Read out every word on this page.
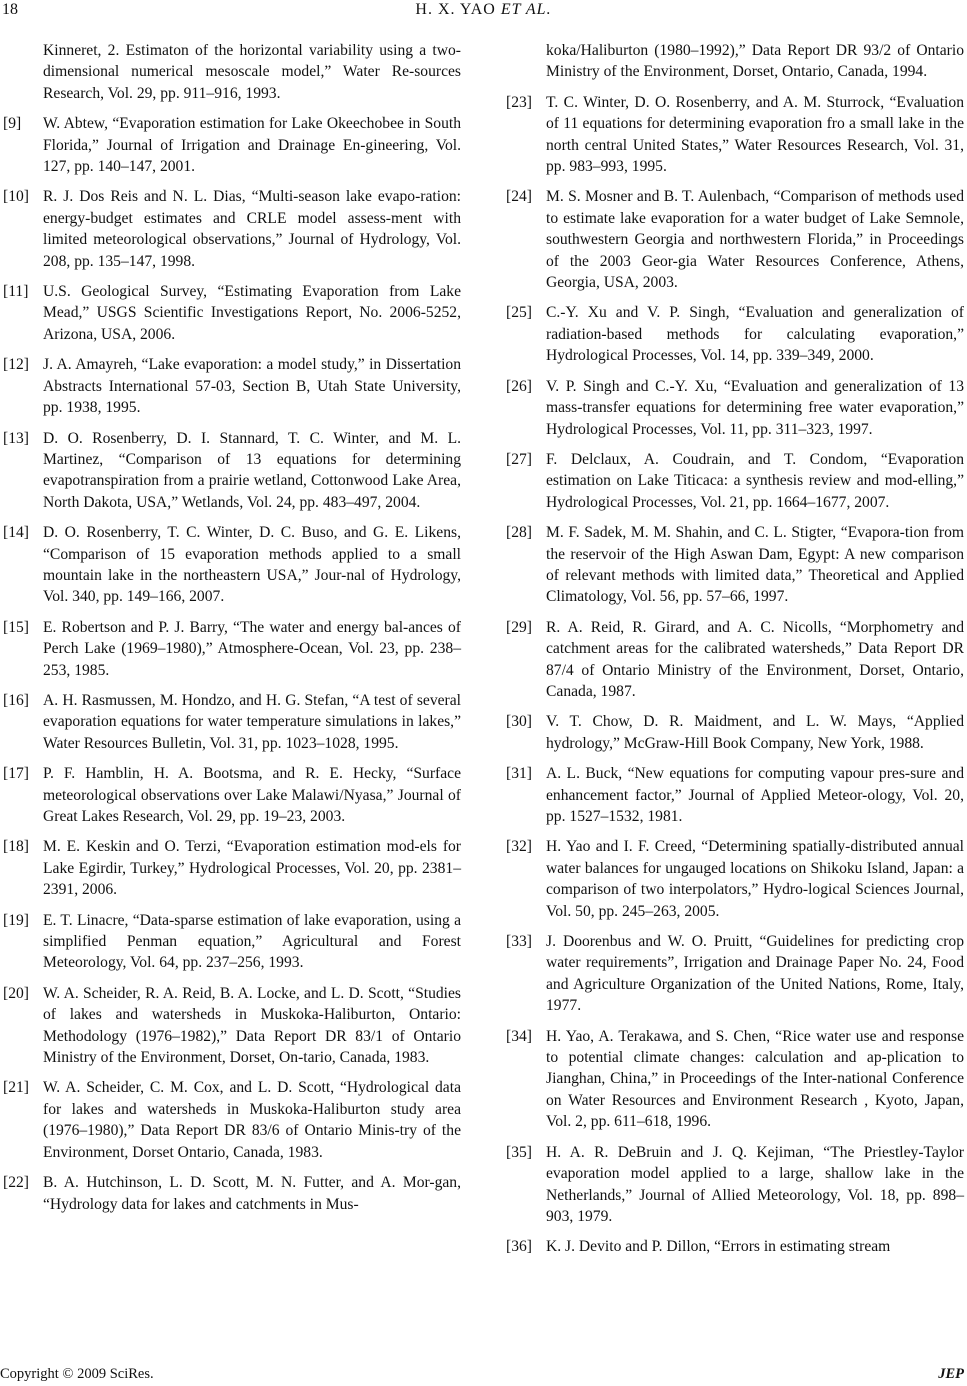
18	H. X. YAO ET AL.
Kinneret, 2. Estimaton of the horizontal variability using a two-dimensional numerical mesoscale model,” Water Re-sources Research, Vol. 29, pp. 911–916, 1993.
[9] W. Abtew, “Evaporation estimation for Lake Okeechobee in South Florida,” Journal of Irrigation and Drainage En-gineering, Vol. 127, pp. 140–147, 2001.
[10] R. J. Dos Reis and N. L. Dias, “Multi-season lake evapo-ration: energy-budget estimates and CRLE model assess-ment with limited meteorological observations,” Journal of Hydrology, Vol. 208, pp. 135–147, 1998.
[11] U.S. Geological Survey, “Estimating Evaporation from Lake Mead,” USGS Scientific Investigations Report, No. 2006-5252, Arizona, USA, 2006.
[12] J. A. Amayreh, “Lake evaporation: a model study,” in Dissertation Abstracts International 57-03, Section B, Utah State University, pp. 1938, 1995.
[13] D. O. Rosenberry, D. I. Stannard, T. C. Winter, and M. L. Martinez, “Comparison of 13 equations for determining evapotranspiration from a prairie wetland, Cottonwood Lake Area, North Dakota, USA,” Wetlands, Vol. 24, pp. 483–497, 2004.
[14] D. O. Rosenberry, T. C. Winter, D. C. Buso, and G. E. Likens, “Comparison of 15 evaporation methods applied to a small mountain lake in the northeastern USA,” Jour-nal of Hydrology, Vol. 340, pp. 149–166, 2007.
[15] E. Robertson and P. J. Barry, “The water and energy bal-ances of Perch Lake (1969–1980),” Atmosphere-Ocean, Vol. 23, pp. 238–253, 1985.
[16] A. H. Rasmussen, M. Hondzo, and H. G. Stefan, “A test of several evaporation equations for water temperature simulations in lakes,” Water Resources Bulletin, Vol. 31, pp. 1023–1028, 1995.
[17] P. F. Hamblin, H. A. Bootsma, and R. E. Hecky, “Surface meteorological observations over Lake Malawi/Nyasa,” Journal of Great Lakes Research, Vol. 29, pp. 19–23, 2003.
[18] M. E. Keskin and O. Terzi, “Evaporation estimation mod-els for Lake Egirdir, Turkey,” Hydrological Processes, Vol. 20, pp. 2381–2391, 2006.
[19] E. T. Linacre, “Data-sparse estimation of lake evaporation, using a simplified Penman equation,” Agricultural and Forest Meteorology, Vol. 64, pp. 237–256, 1993.
[20] W. A. Scheider, R. A. Reid, B. A. Locke, and L. D. Scott, “Studies of lakes and watersheds in Muskoka-Haliburton, Ontario: Methodology (1976–1982),” Data Report DR 83/1 of Ontario Ministry of the Environment, Dorset, On-tario, Canada, 1983.
[21] W. A. Scheider, C. M. Cox, and L. D. Scott, “Hydrological data for lakes and watersheds in Muskoka-Haliburton study area (1976–1980),” Data Report DR 83/6 of Ontario Minis-try of the Environment, Dorset Ontario, Canada, 1983.
[22] B. A. Hutchinson, L. D. Scott, M. N. Futter, and A. Mor-gan, “Hydrology data for lakes and catchments in Mus-
koka/Haliburton (1980–1992),” Data Report DR 93/2 of Ontario Ministry of the Environment, Dorset, Ontario, Canada, 1994.
[23] T. C. Winter, D. O. Rosenberry, and A. M. Sturrock, “Evaluation of 11 equations for determining evaporation fro a small lake in the north central United States,” Water Resources Research, Vol. 31, pp. 983–993, 1995.
[24] M. S. Mosner and B. T. Aulenbach, “Comparison of methods used to estimate lake evaporation for a water budget of Lake Semnole, southwestern Georgia and northwestern Florida,” in Proceedings of the 2003 Geor-gia Water Resources Conference, Athens, Georgia, USA, 2003.
[25] C.-Y. Xu and V. P. Singh, “Evaluation and generalization of radiation-based methods for calculating evaporation,” Hydrological Processes, Vol. 14, pp. 339–349, 2000.
[26] V. P. Singh and C.-Y. Xu, “Evaluation and generalization of 13 mass-transfer equations for determining free water evaporation,” Hydrological Processes, Vol. 11, pp. 311–323, 1997.
[27] F. Delclaux, A. Coudrain, and T. Condom, “Evaporation estimation on Lake Titicaca: a synthesis review and mod-elling,” Hydrological Processes, Vol. 21, pp. 1664–1677, 2007.
[28] M. F. Sadek, M. M. Shahin, and C. L. Stigter, “Evapora-tion from the reservoir of the High Aswan Dam, Egypt: A new comparison of relevant methods with limited data,” Theoretical and Applied Climatology, Vol. 56, pp. 57–66, 1997.
[29] R. A. Reid, R. Girard, and A. C. Nicolls, “Morphometry and catchment areas for the calibrated watersheds,” Data Report DR 87/4 of Ontario Ministry of the Environment, Dorset, Ontario, Canada, 1987.
[30] V. T. Chow, D. R. Maidment, and L. W. Mays, “Applied hydrology,” McGraw-Hill Book Company, New York, 1988.
[31] A. L. Buck, “New equations for computing vapour pres-sure and enhancement factor,” Journal of Applied Meteor-ology, Vol. 20, pp. 1527–1532, 1981.
[32] H. Yao and I. F. Creed, “Determining spatially-distributed annual water balances for ungauged locations on Shikoku Island, Japan: a comparison of two interpolators,” Hydro-logical Sciences Journal, Vol. 50, pp. 245–263, 2005.
[33] J. Doorenbus and W. O. Pruitt, “Guidelines for predicting crop water requirements”, Irrigation and Drainage Paper No. 24, Food and Agriculture Organization of the United Nations, Rome, Italy, 1977.
[34] H. Yao, A. Terakawa, and S. Chen, “Rice water use and response to potential climate changes: calculation and ap-plication to Jianghan, China,” in Proceedings of the Inter-national Conference on Water Resources and Environment Research , Kyoto, Japan, Vol. 2, pp. 611–618, 1996.
[35] H. A. R. DeBruin and J. Q. Kejiman, “The Priestley-Taylor evaporation model applied to a large, shallow lake in the Netherlands,” Journal of Allied Meteorology, Vol. 18, pp. 898–903, 1979.
[36] K. J. Devito and P. Dillon, “Errors in estimating stream
Copyright © 2009 SciRes.	JEP
